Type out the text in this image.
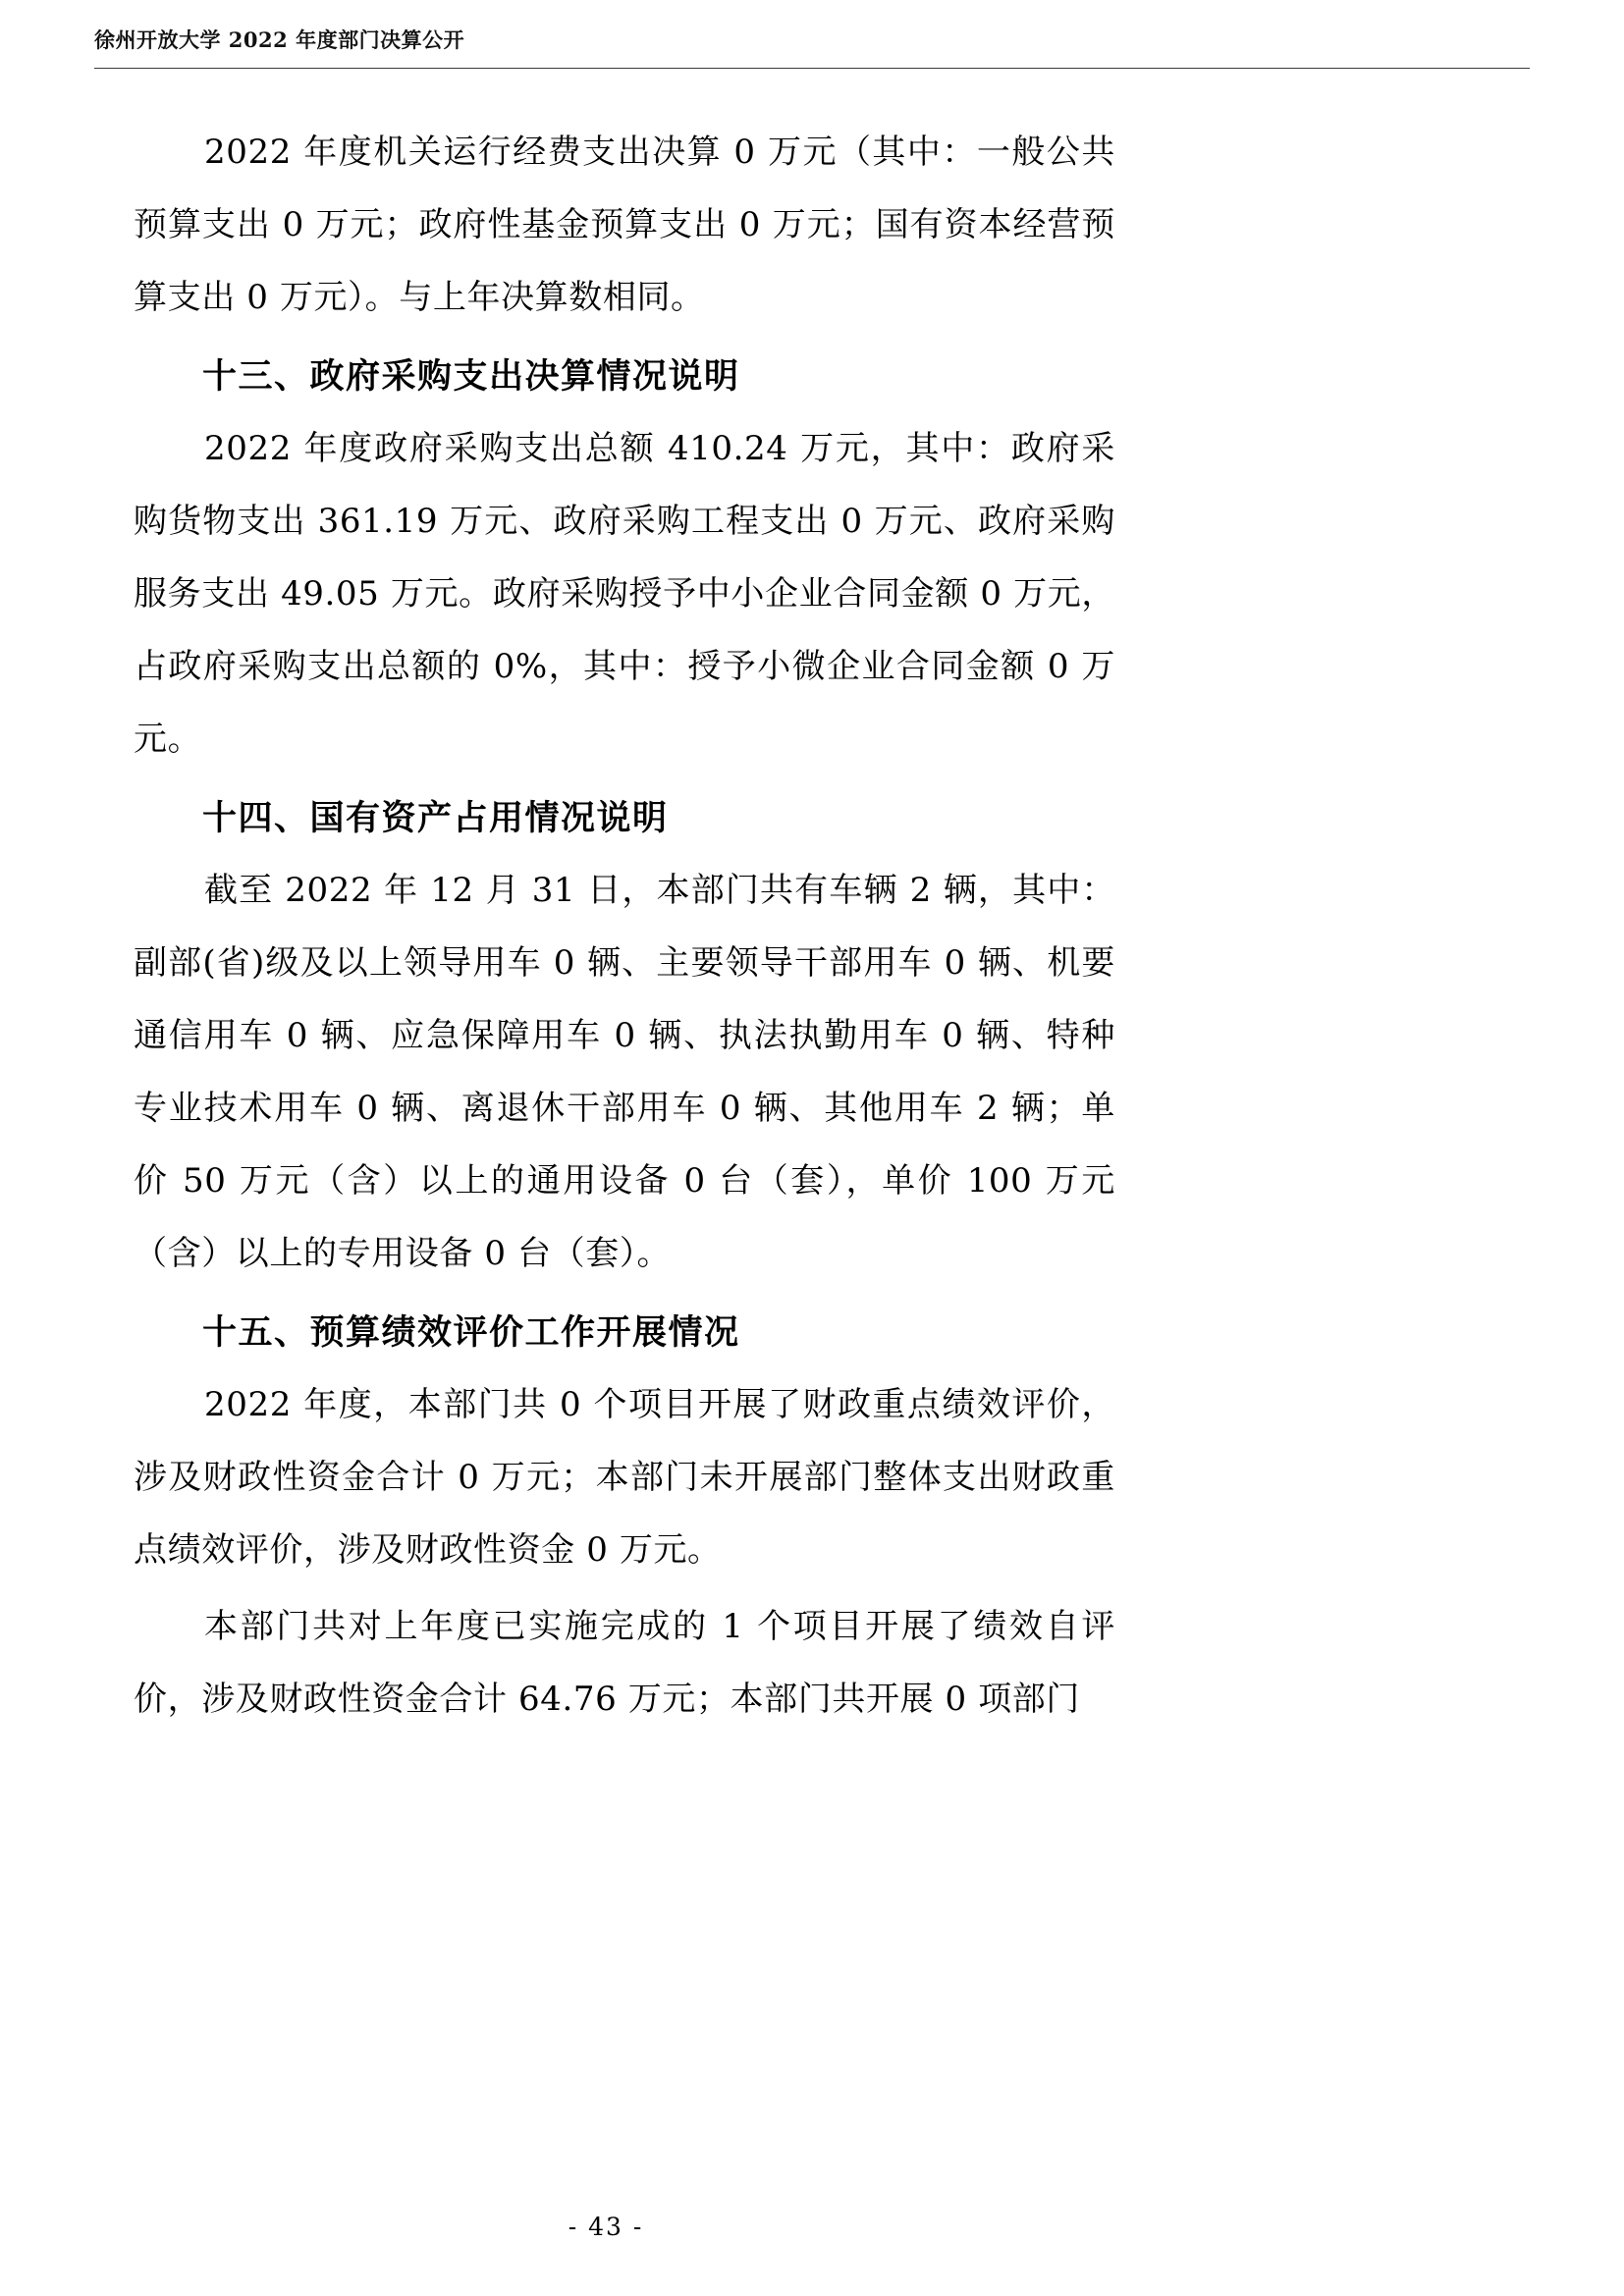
徐州开放大学 2022 年度部门决算公开

2022 年度机关运行经费支出决算 0 万元（其中：一般公共预算支出 0 万元；政府性基金预算支出 0 万元；国有资本经营预算支出 0 万元）。与上年决算数相同。

十三、政府采购支出决算情况说明

2022 年度政府采购支出总额 410.24 万元，其中：政府采购货物支出 361.19 万元、政府采购工程支出 0 万元、政府采购服务支出 49.05 万元。政府采购授予中小企业合同金额 0 万元，占政府采购支出总额的 0%，其中：授予小微企业合同金额 0 万元。

十四、国有资产占用情况说明

截至 2022 年 12 月 31 日，本部门共有车辆 2 辆，其中：副部(省)级及以上领导用车 0 辆、主要领导干部用车 0 辆、机要通信用车 0 辆、应急保障用车 0 辆、执法执勤用车 0 辆、特种专业技术用车 0 辆、离退休干部用车 0 辆、其他用车 2 辆；单价 50 万元（含）以上的通用设备 0 台（套），单价 100 万元（含）以上的专用设备 0 台（套）。

十五、预算绩效评价工作开展情况

2022 年度，本部门共 0 个项目开展了财政重点绩效评价，涉及财政性资金合计 0 万元；本部门未开展部门整体支出财政重点绩效评价，涉及财政性资金 0 万元。

本部门共对上年度已实施完成的 1 个项目开展了绩效自评价，涉及财政性资金合计 64.76 万元；本部门共开展 0 项部门

- 43 -
